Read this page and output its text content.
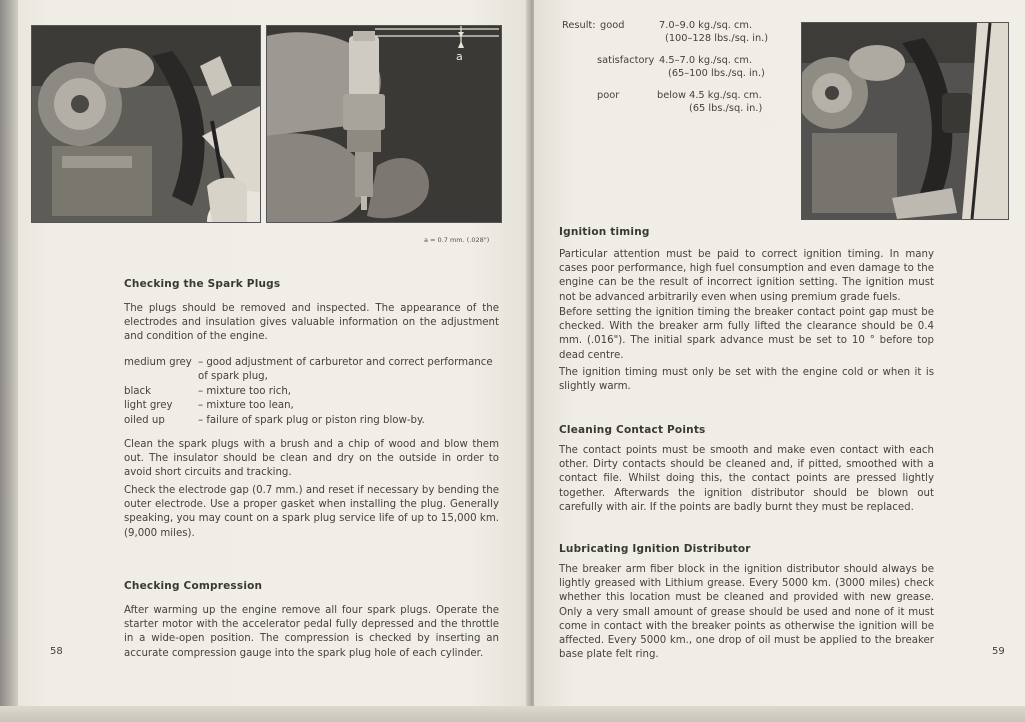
a
a = 0.7 mm. (.028")
Checking the Spark Plugs
The plugs should be removed and inspected. The appearance of the electrodes and insulation gives valuable information on the adjustment and condition of the engine.
medium grey – good adjustment of carburetor and correct performance of spark plug,
black	– mixture too rich,
light grey	– mixture too lean,
oiled up	– failure of spark plug or piston ring blow-by.
Clean the spark plugs with a brush and a chip of wood and blow them out. The insulator should be clean and dry on the outside in order to avoid short circuits and tracking.
Check the electrode gap (0.7 mm.) and reset if necessary by bending the outer electrode. Use a proper gasket when installing the plug. Generally speaking, you may count on a spark plug service life of up to 15,000 km. (9,000 miles).
Checking Compression
After warming up the engine remove all four spark plugs. Operate the starter motor with the accelerator pedal fully depressed and the throttle in a wide-open position. The compression is checked by inserting an accurate compression gauge into the spark plug hole of each cylinder.
58
Result: good	7.0–9.0 kg./sq. cm.
(100–128 lbs./sq. in.)
satisfactory 4.5–7.0 kg./sq. cm.
(65–100 lbs./sq. in.)
poor	below 4.5 kg./sq. cm.
(65 lbs./sq. in.)
Ignition timing
Particular attention must be paid to correct ignition timing. In many cases poor performance, high fuel consumption and even damage to the engine can be the result of incorrect ignition setting. The ignition must not be advanced arbitrarily even when using premium grade fuels.
Before setting the ignition timing the breaker contact point gap must be checked. With the breaker arm fully lifted the clearance should be 0.4 mm. (.016"). The initial spark advance must be set to 10 ° before top dead centre.
The ignition timing must only be set with the engine cold or when it is slightly warm.
Cleaning Contact Points
The contact points must be smooth and make even contact with each other. Dirty contacts should be cleaned and, if pitted, smoothed with a contact file. Whilst doing this, the contact points are pressed lightly together. Afterwards the ignition distributor should be blown out carefully with air. If the points are badly burnt they must be replaced.
Lubricating Ignition Distributor
The breaker arm fiber block in the ignition distributor should always be lightly greased with Lithium grease. Every 5000 km. (3000 miles) check whether this location must be cleaned and provided with new grease. Only a very small amount of grease should be used and none of it must come in contact with the breaker points as otherwise the ignition will be affected. Every 5000 km., one drop of oil must be applied to the breaker base plate felt ring.	59
